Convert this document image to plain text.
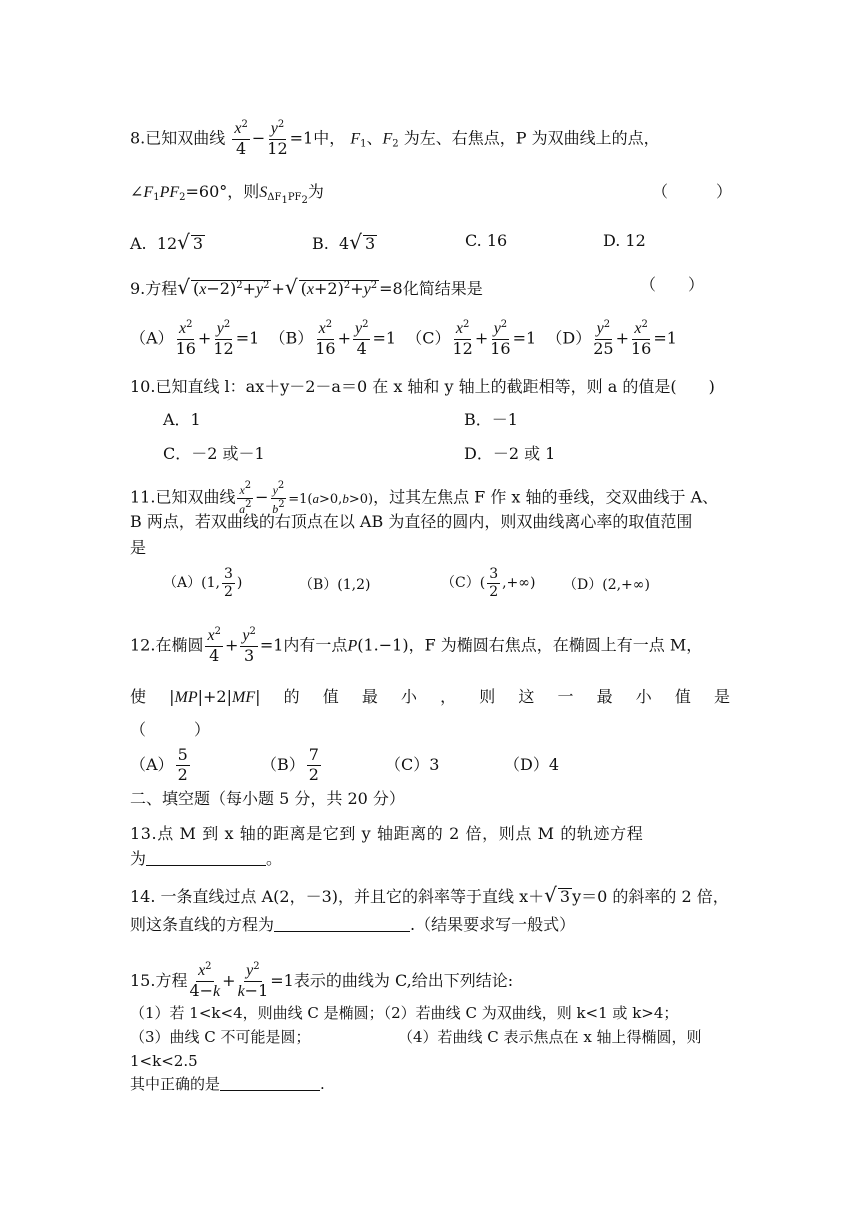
8.已知双曲线 $\frac{x^2}{4} - \frac{y^2}{12} =1$中， $F_1$、$F_2$ 为左、右焦点，P 为双曲线上的点，
$\angle F_1PF_2=60^\circ$，则$S_{\Delta F_1PF_2}$为	（　　　）
A.  12√ 3	B.  4√ 3	C. 16	D. 12
9.方程√ $(x-2)^2+y^2$ +√ $(x+2)^2+y^2 =8$化简结果是	（　　）
$(A) \frac{x^2}{16} + \frac{y^2}{12} =1$  $(B) \frac{x^2}{16} + \frac{y^2}{4} =1$  $(C) \frac{x^2}{12} + \frac{y^2}{16} =1$  $(D) \frac{y^2}{25} + \frac{x^2}{16} =1$
10.已知直线 l：ax＋y－2－a＝0 在 x 轴和 y 轴上的截距相等，则 a 的值是(　　)
A．1	B．－1
C．－2 或－1	D．－2 或 1
11.已知双曲线 $\frac{x^2}{a^2} - \frac{y^2}{b^2} =1(a>0,b>0)$，过其左焦点 F 作 x 轴的垂线，交双曲线于 A、
B 两点，若双曲线的右顶点在以 AB 为直径的圆内，则双曲线离心率的取值范围
是
（A）(1, $\frac{3}{2}$ )	（B）(1,2)	$(C)( \frac{3}{2}$ ,+∞) （D）(2,+∞)
12.在椭圆 $\frac{x^2}{4} + \frac{y^2}{3} =1$内有一点P(1.−1)，F 为椭圆右焦点，在椭圆上有一点 M，
使 |MP|+2|MF| 的 值 最 小 ， 则 这 一 最 小 值 是
（　　　）
$(A) \frac{5}{2}$	$(B) \frac{7}{2}$	（C）3	（D）4
二、填空题（每小题 5 分，共 20 分）
13.点 M 到 x 轴的距离是它到 y 轴距离的 2 倍，则点 M 的轨迹方程
为	。
14. 一条直线过点 A(2，－3)，并且它的斜率等于直线 x＋√ 3 y＝0 的斜率的 2 倍，
则这条直线的方程为	.（结果要求写一般式）
15.方程 $\frac{x^2}{4-k} + \frac{y^2}{k-1} =1$表示的曲线为 C,给出下列结论:
（1）若 1<k<4，则曲线 C 是椭圆；（2）若曲线 C 为双曲线，则 k<1 或 k>4；
（3）曲线 C 不可能是圆；	（4）若曲线 C 表示焦点在 x 轴上得椭圆，则
1<k<2.5
其中正确的是	.
